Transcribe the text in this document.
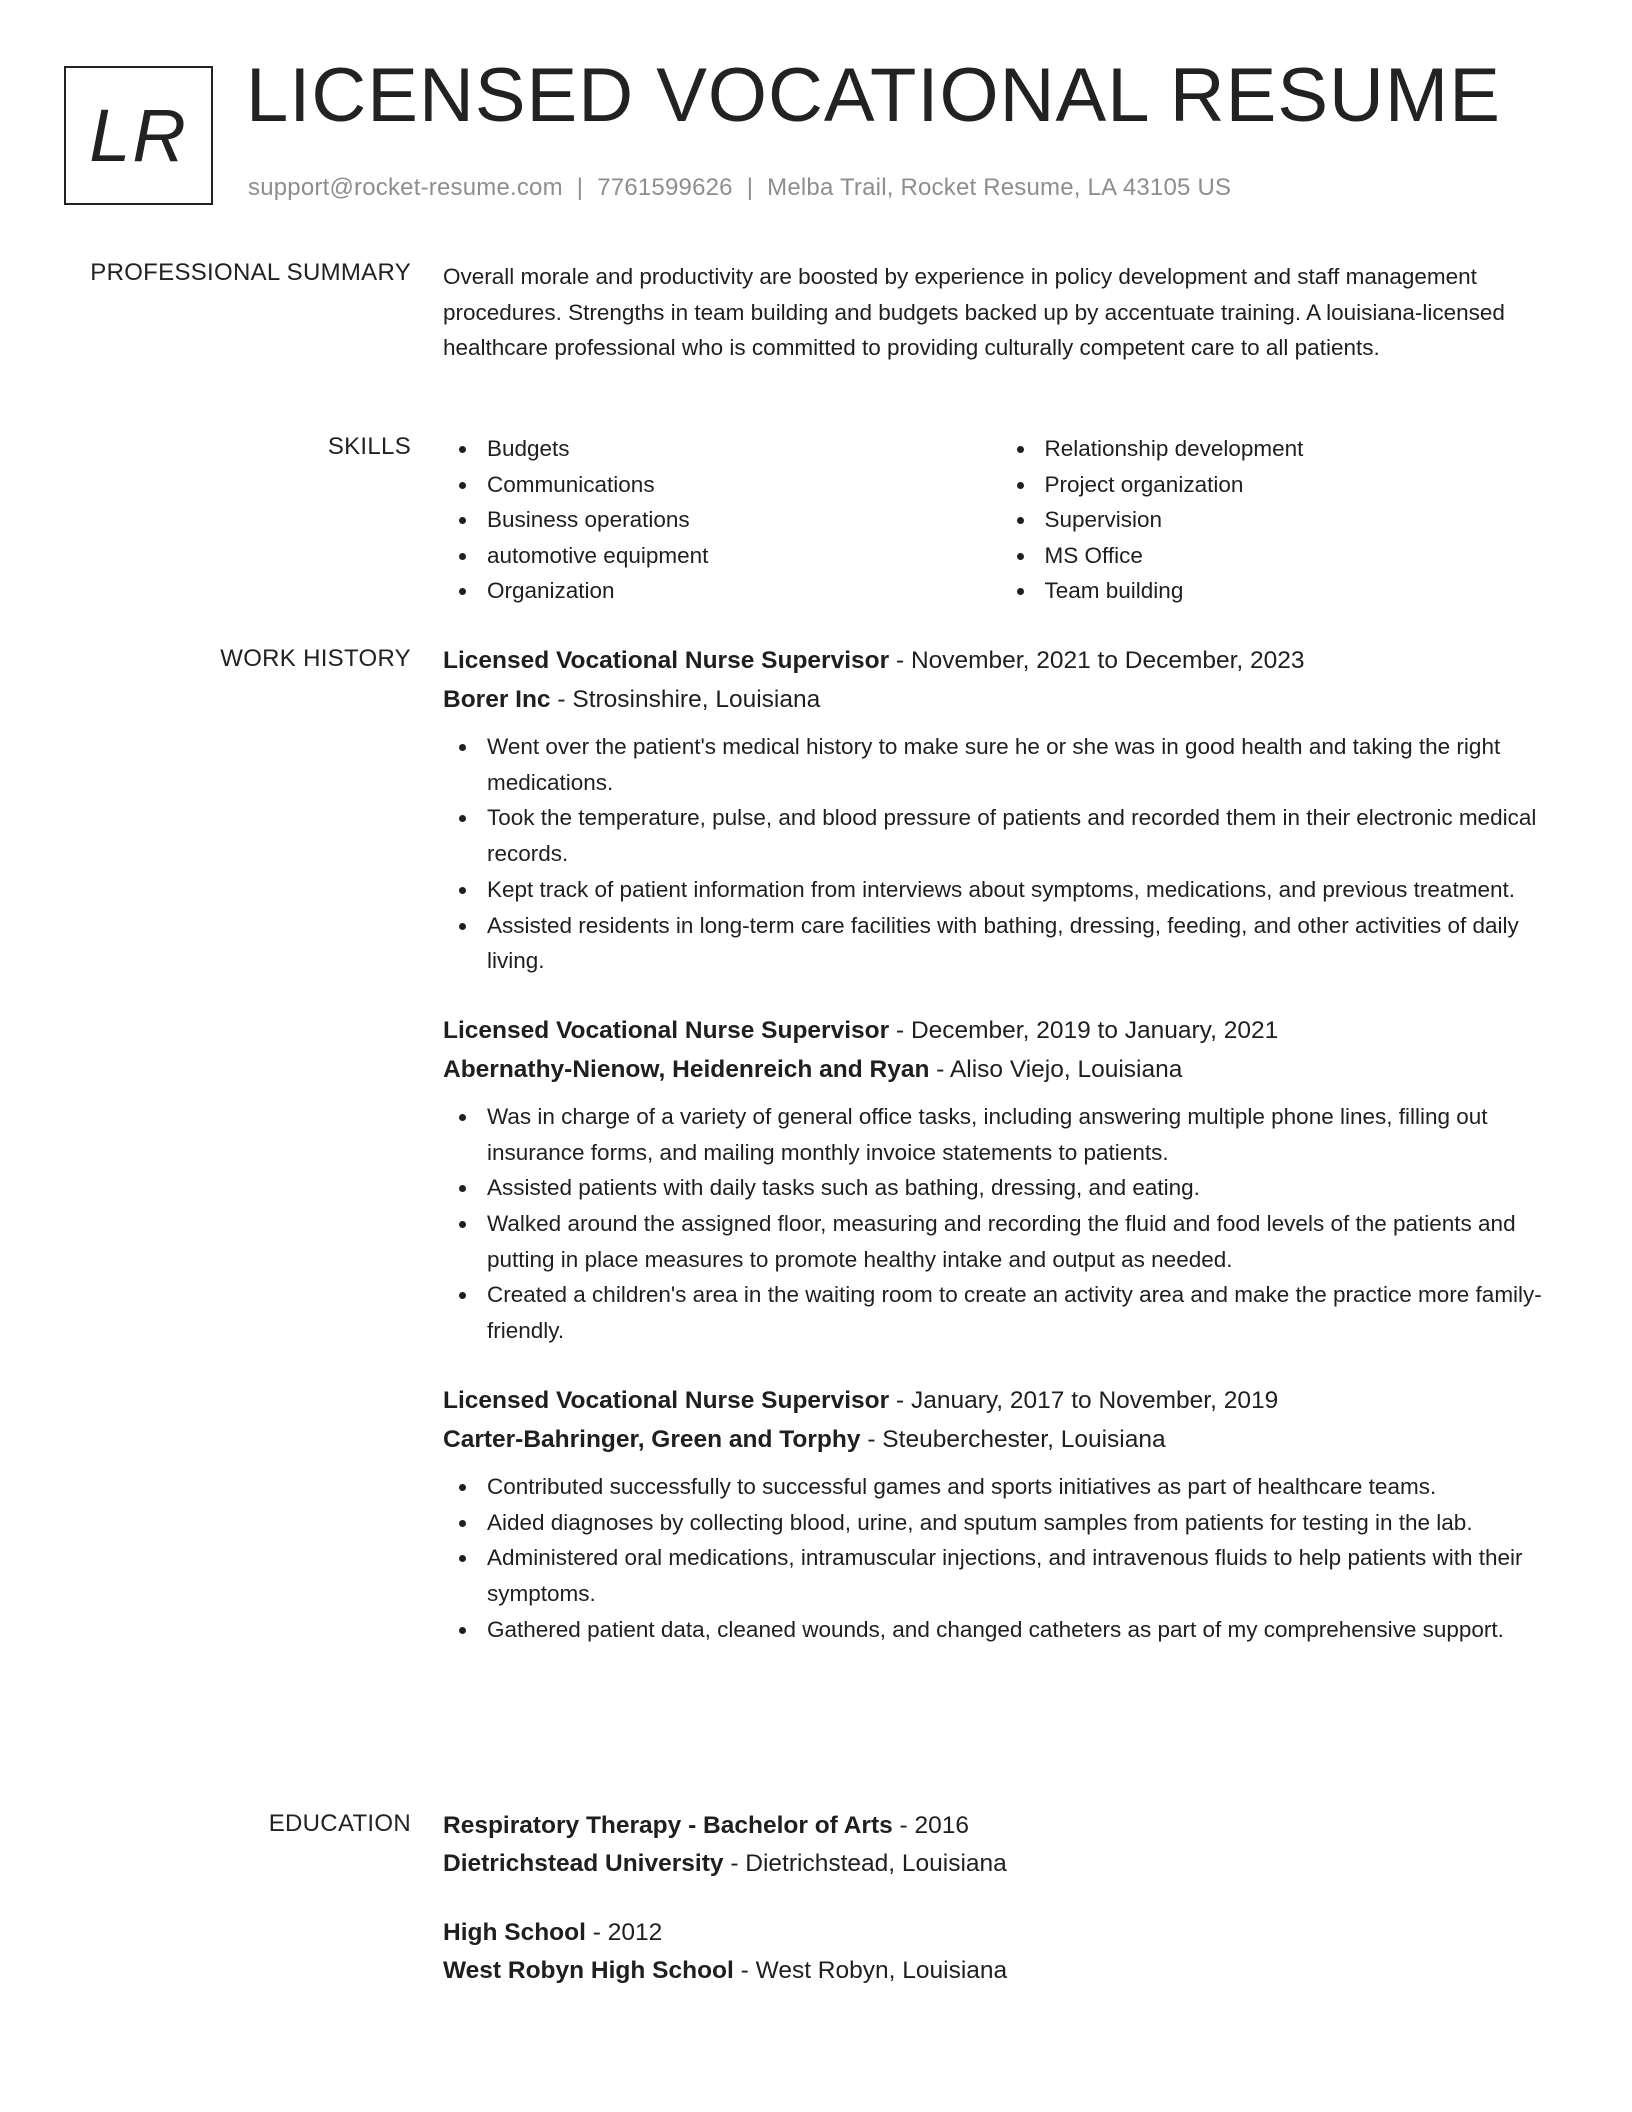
LR LICENSED VOCATIONAL RESUME
support@rocket-resume.com | 7761599626 | Melba Trail, Rocket Resume, LA 43105 US
PROFESSIONAL SUMMARY Overall morale and productivity are boosted by experience in policy development and staff management procedures. Strengths in team building and budgets backed up by accentuate training. A louisiana-licensed healthcare professional who is committed to providing culturally competent care to all patients.

SKILLS	Budgets
Communications
Business operations
automotive equipment
Organization
Relationship development
Project organization
Supervision
MS Office
Team building
WORK HISTORY Licensed Vocational Nurse Supervisor - November, 2021 to December, 2023
Borer Inc - Strosinshire, Louisiana
Went over the patient's medical history to make sure he or she was in good health and taking the right medications.
Took the temperature, pulse, and blood pressure of patients and recorded them in their electronic medical records.
Kept track of patient information from interviews about symptoms, medications, and previous treatment.
Assisted residents in long-term care facilities with bathing, dressing, feeding, and other activities of daily living.
Licensed Vocational Nurse Supervisor - December, 2019 to January, 2021
Abernathy-Nienow, Heidenreich and Ryan - Aliso Viejo, Louisiana
Was in charge of a variety of general office tasks, including answering multiple phone lines, filling out insurance forms, and mailing monthly invoice statements to patients.
Assisted patients with daily tasks such as bathing, dressing, and eating.
Walked around the assigned floor, measuring and recording the fluid and food levels of the patients and putting in place measures to promote healthy intake and output as needed.
Created a children's area in the waiting room to create an activity area and make the practice more family-friendly.
Licensed Vocational Nurse Supervisor - January, 2017 to November, 2019
Carter-Bahringer, Green and Torphy - Steuberchester, Louisiana
Contributed successfully to successful games and sports initiatives as part of healthcare teams.
Aided diagnoses by collecting blood, urine, and sputum samples from patients for testing in the lab.
Administered oral medications, intramuscular injections, and intravenous fluids to help patients with their symptoms.
Gathered patient data, cleaned wounds, and changed catheters as part of my comprehensive support.
EDUCATION Respiratory Therapy - Bachelor of Arts - 2016
Dietrichstead University - Dietrichstead, Louisiana
High School - 2012
West Robyn High School - West Robyn, Louisiana
